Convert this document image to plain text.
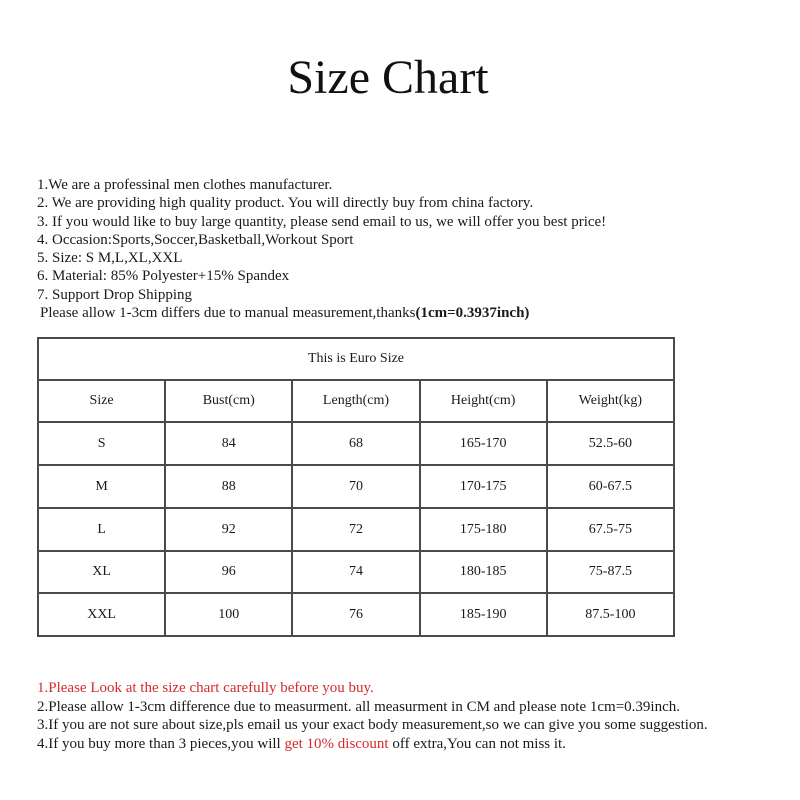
Size Chart
1.We are a professinal men clothes manufacturer.
2. We are providing high quality product. You will directly buy from china factory.
3. If you would like to buy large quantity, please send email to us, we will offer you best price!
4. Occasion:Sports,Soccer,Basketball,Workout Sport
5. Size: S M,L,XL,XXL
6. Material: 85% Polyester+15% Spandex
7. Support Drop Shipping
Please allow 1-3cm differs due to manual measurement,thanks(1cm=0.3937inch)
This is Euro Size				
Size	Bust(cm)	Length(cm)	Height(cm)	Weight(kg)
S	84	68	165-170	52.5-60
M	88	70	170-175	60-67.5
L	92	72	175-180	67.5-75
XL	96	74	180-185	75-87.5
XXL	100	76	185-190	87.5-100
1.Please Look at the size chart carefully before you buy.
2.Please allow 1-3cm difference due to measurment. all measurment in CM and please note 1cm=0.39inch.
3.If you are not sure about size,pls email us your exact body measurement,so we can give you some suggestion.
4.If you buy more than 3 pieces,you will get 10% discount off extra,You can not miss it.
